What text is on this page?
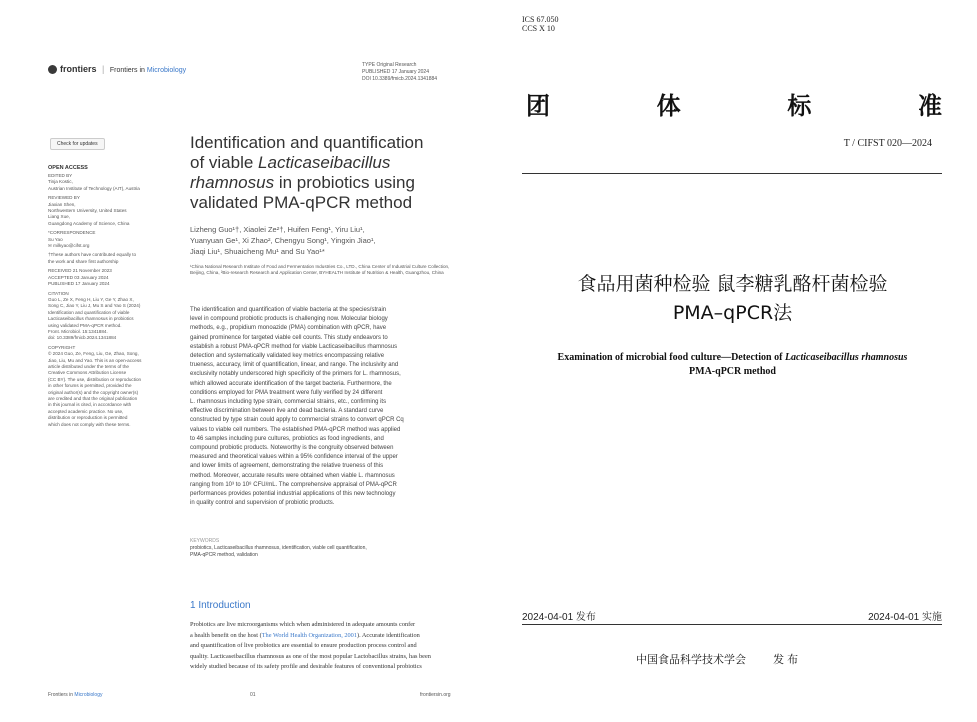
frontiers | Frontiers in Microbiology
TYPE Original Research
PUBLISHED 17 January 2024
DOI 10.3389/fmicb.2024.1341884
Check for updates
OPEN ACCESS

EDITED BY

Tinja Kostic,

Austrian Institute of Technology (AIT), Austria

REVIEWED BY

Jiaxian Shen,

Northwestern University, United States

Liang Xue,

Guangdong Academy of Science, China

*CORRESPONDENCE

Su Yao

✉ milkyao@cifst.org

†These authors have contributed equally to

the work and share first authorship

RECEIVED 21 November 2023

ACCEPTED 03 January 2024

PUBLISHED 17 January 2024

CITATION

Guo L, Ze X, Feng H, Liu Y, Ge Y, Zhao X,

Song C, Jiao Y, Liu J, Mu S and Yao S (2024)

Identification and quantification of viable

Lacticaseibacillus rhamnosus in probiotics

using validated PMA-qPCR method.

Front. Microbiol. 15:1341884.

doi: 10.3389/fmicb.2024.1341884

COPYRIGHT

© 2024 Guo, Ze, Feng, Liu, Ge, Zhao, Song,

Jiao, Liu, Mu and Yao. This is an open-access

article distributed under the terms of the

Creative Commons Attribution License

(CC BY). The use, distribution or reproduction

in other forums is permitted, provided the

original author(s) and the copyright owner(s)

are credited and that the original publication

in this journal is cited, in accordance with

accepted academic practice. No use,

distribution or reproduction is permitted

which does not comply with these terms.

Identification and quantification
of viable Lacticaseibacillus
rhamnosus in probiotics using
validated PMA-qPCR method
Lizheng Guo¹†, Xiaolei Ze²†, Huifen Feng¹, Yiru Liu¹,
Yuanyuan Ge¹, Xi Zhao², Chengyu Song¹, Yingxin Jiao¹,
Jiaqi Liu¹, Shuaicheng Mu¹ and Su Yao¹*
¹China National Research Institute of Food and Fermentation Industries Co., LTD., China Center of Industrial Culture Collection, Beijing, China, ²Bio-research Research and Application Center, BYHEALTH Institute of Nutrition & Health, Guangzhou, China
The identification and quantification of viable bacteria at the species/strain
level in compound probiotic products is challenging now. Molecular biology
methods, e.g., propidium monoazide (PMA) combination with qPCR, have
gained prominence for targeted viable cell counts. This study endeavors to
establish a robust PMA-qPCR method for viable Lacticaseibacillus rhamnosus
detection and systematically validated key metrics encompassing relative
trueness, accuracy, limit of quantification, linear, and range. The inclusivity and
exclusivity notably underscored high specificity of the primers for L. rhamnosus,
which allowed accurate identification of the target bacteria. Furthermore, the
conditions employed for PMA treatment were fully verified by 24 different
L. rhamnosus including type strain, commercial strains, etc., confirming its
effective discrimination between live and dead bacteria. A standard curve
constructed by type strain could apply to commercial strains to convert qPCR Cq
values to viable cell numbers. The established PMA-qPCR method was applied
to 46 samples including pure cultures, probiotics as food ingredients, and
compound probiotic products. Noteworthy is the congruity observed between
measured and theoretical values within a 95% confidence interval of the upper
and lower limits of agreement, demonstrating the relative trueness of this
method. Moreover, accurate results were obtained when viable L. rhamnosus
ranging from 10³ to 10⁸ CFU/mL. The comprehensive appraisal of PMA-qPCR
performances provides potential industrial applications of this new technology
in quality control and supervision of probiotic products.
KEYWORDS
probiotics, Lacticaseibacillus rhamnosus, identification, viable cell quantification,
PMA-qPCR method, validation
1 Introduction
Probiotics are live microorganisms which when administered in adequate amounts confer
a health benefit on the host (The World Health Organization, 2001). Accurate identification
and quantification of live probiotics are essential to ensure production process control and
quality. Lacticaseibacillus rhamnosus as one of the most popular Lactobacillus strains, has been
widely studied because of its safety profile and desirable features of conventional probiotics
Frontiers in Microbiology	01	frontiersin.org
ICS 67.050
CCS X 10
团	体	标	准
T / CIFST 020—2024
食品用菌种检验 鼠李糖乳酪杆菌检验
PMA–qPCR法
Examination of microbial food culture—Detection of Lacticaseibacillus rhamnosus
PMA-qPCR method
2024-04-01 发布	2024-04-01 实施
中国食品科学技术学会 发 布
